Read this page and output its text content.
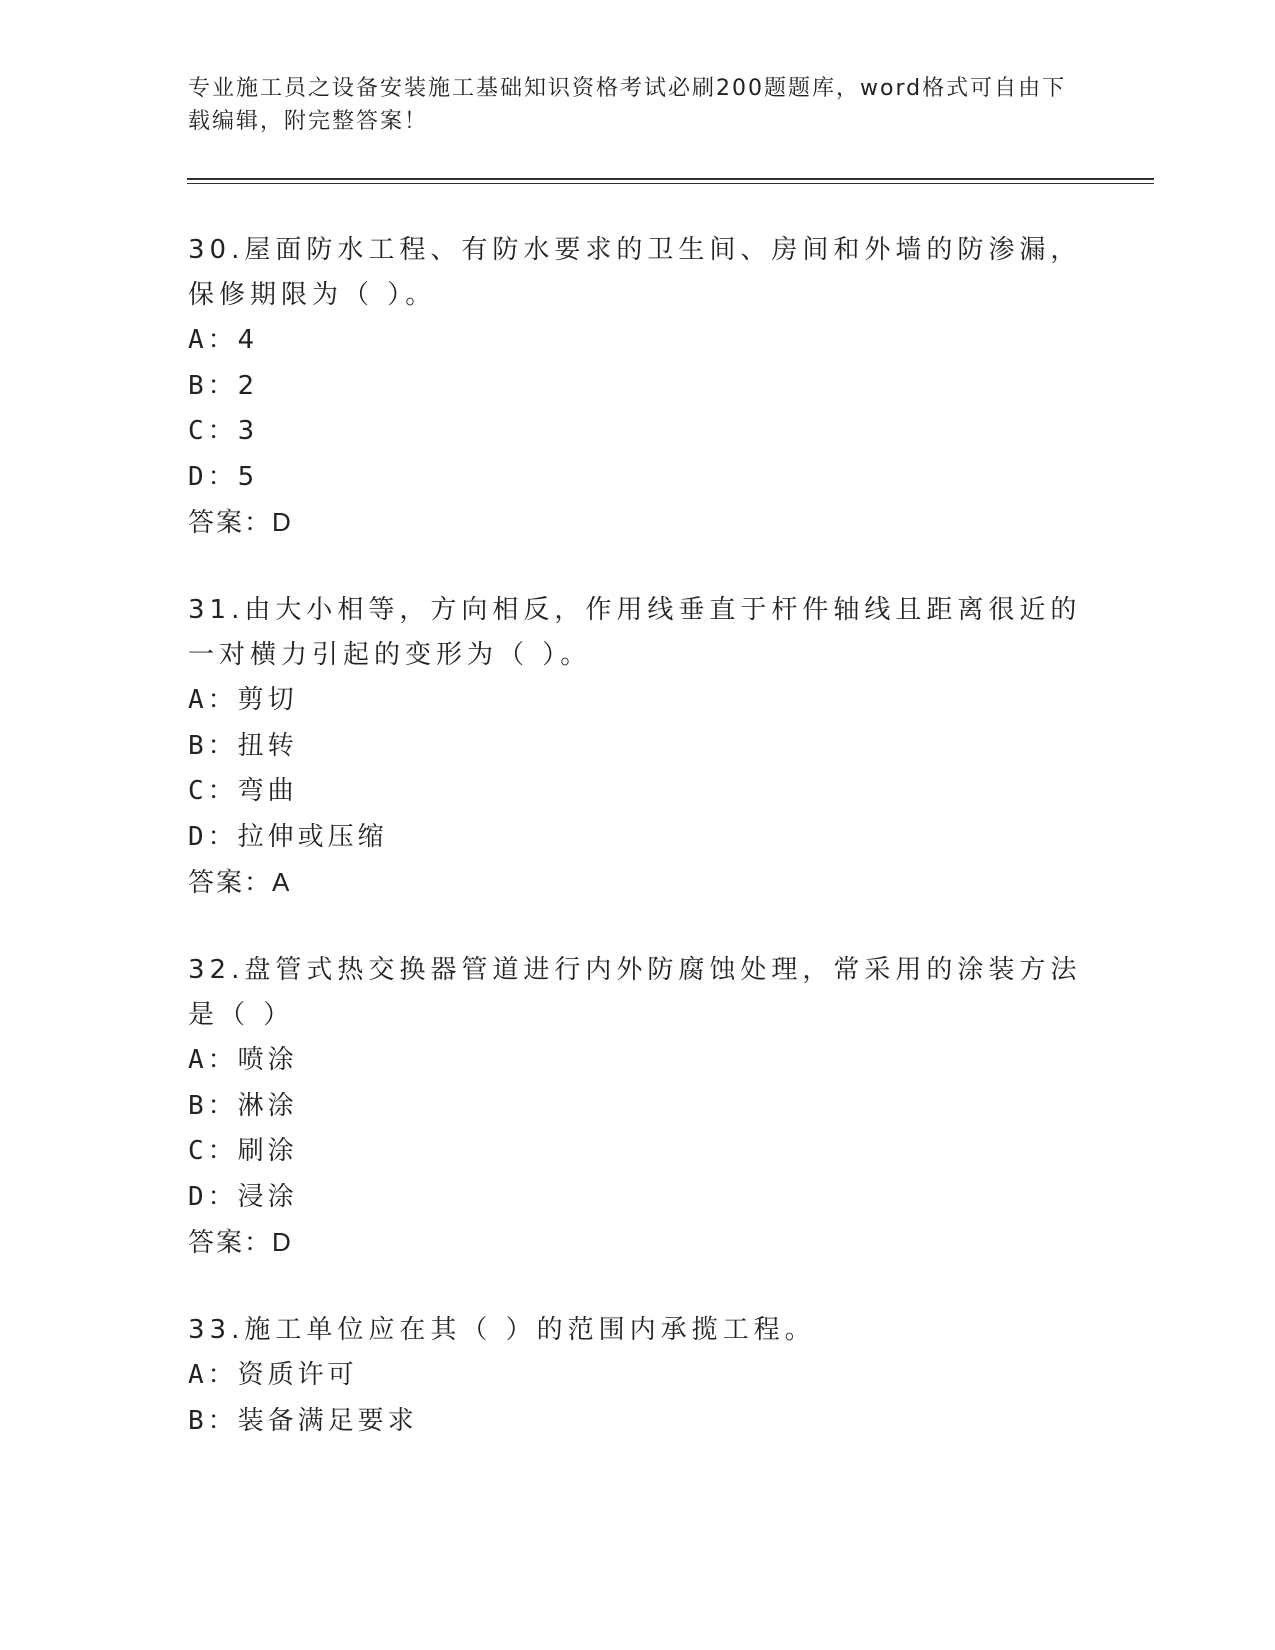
专业施工员之设备安装施工基础知识资格考试必刷200题题库，word格式可自由下载编辑，附完整答案！
30.屋面防水工程、有防水要求的卫生间、房间和外墙的防渗漏，保修期限为（ ）。
A：4
B：2
C：3
D：5
答案：D
31.由大小相等，方向相反，作用线垂直于杆件轴线且距离很近的一对横力引起的变形为（ ）。
A：剪切
B：扭转
C：弯曲
D：拉伸或压缩
答案：A
32.盘管式热交换器管道进行内外防腐蚀处理，常采用的涂装方法是（ ）
A：喷涂
B：淋涂
C：刷涂
D：浸涂
答案：D
33.施工单位应在其（ ）的范围内承揽工程。
A：资质许可
B：装备满足要求
